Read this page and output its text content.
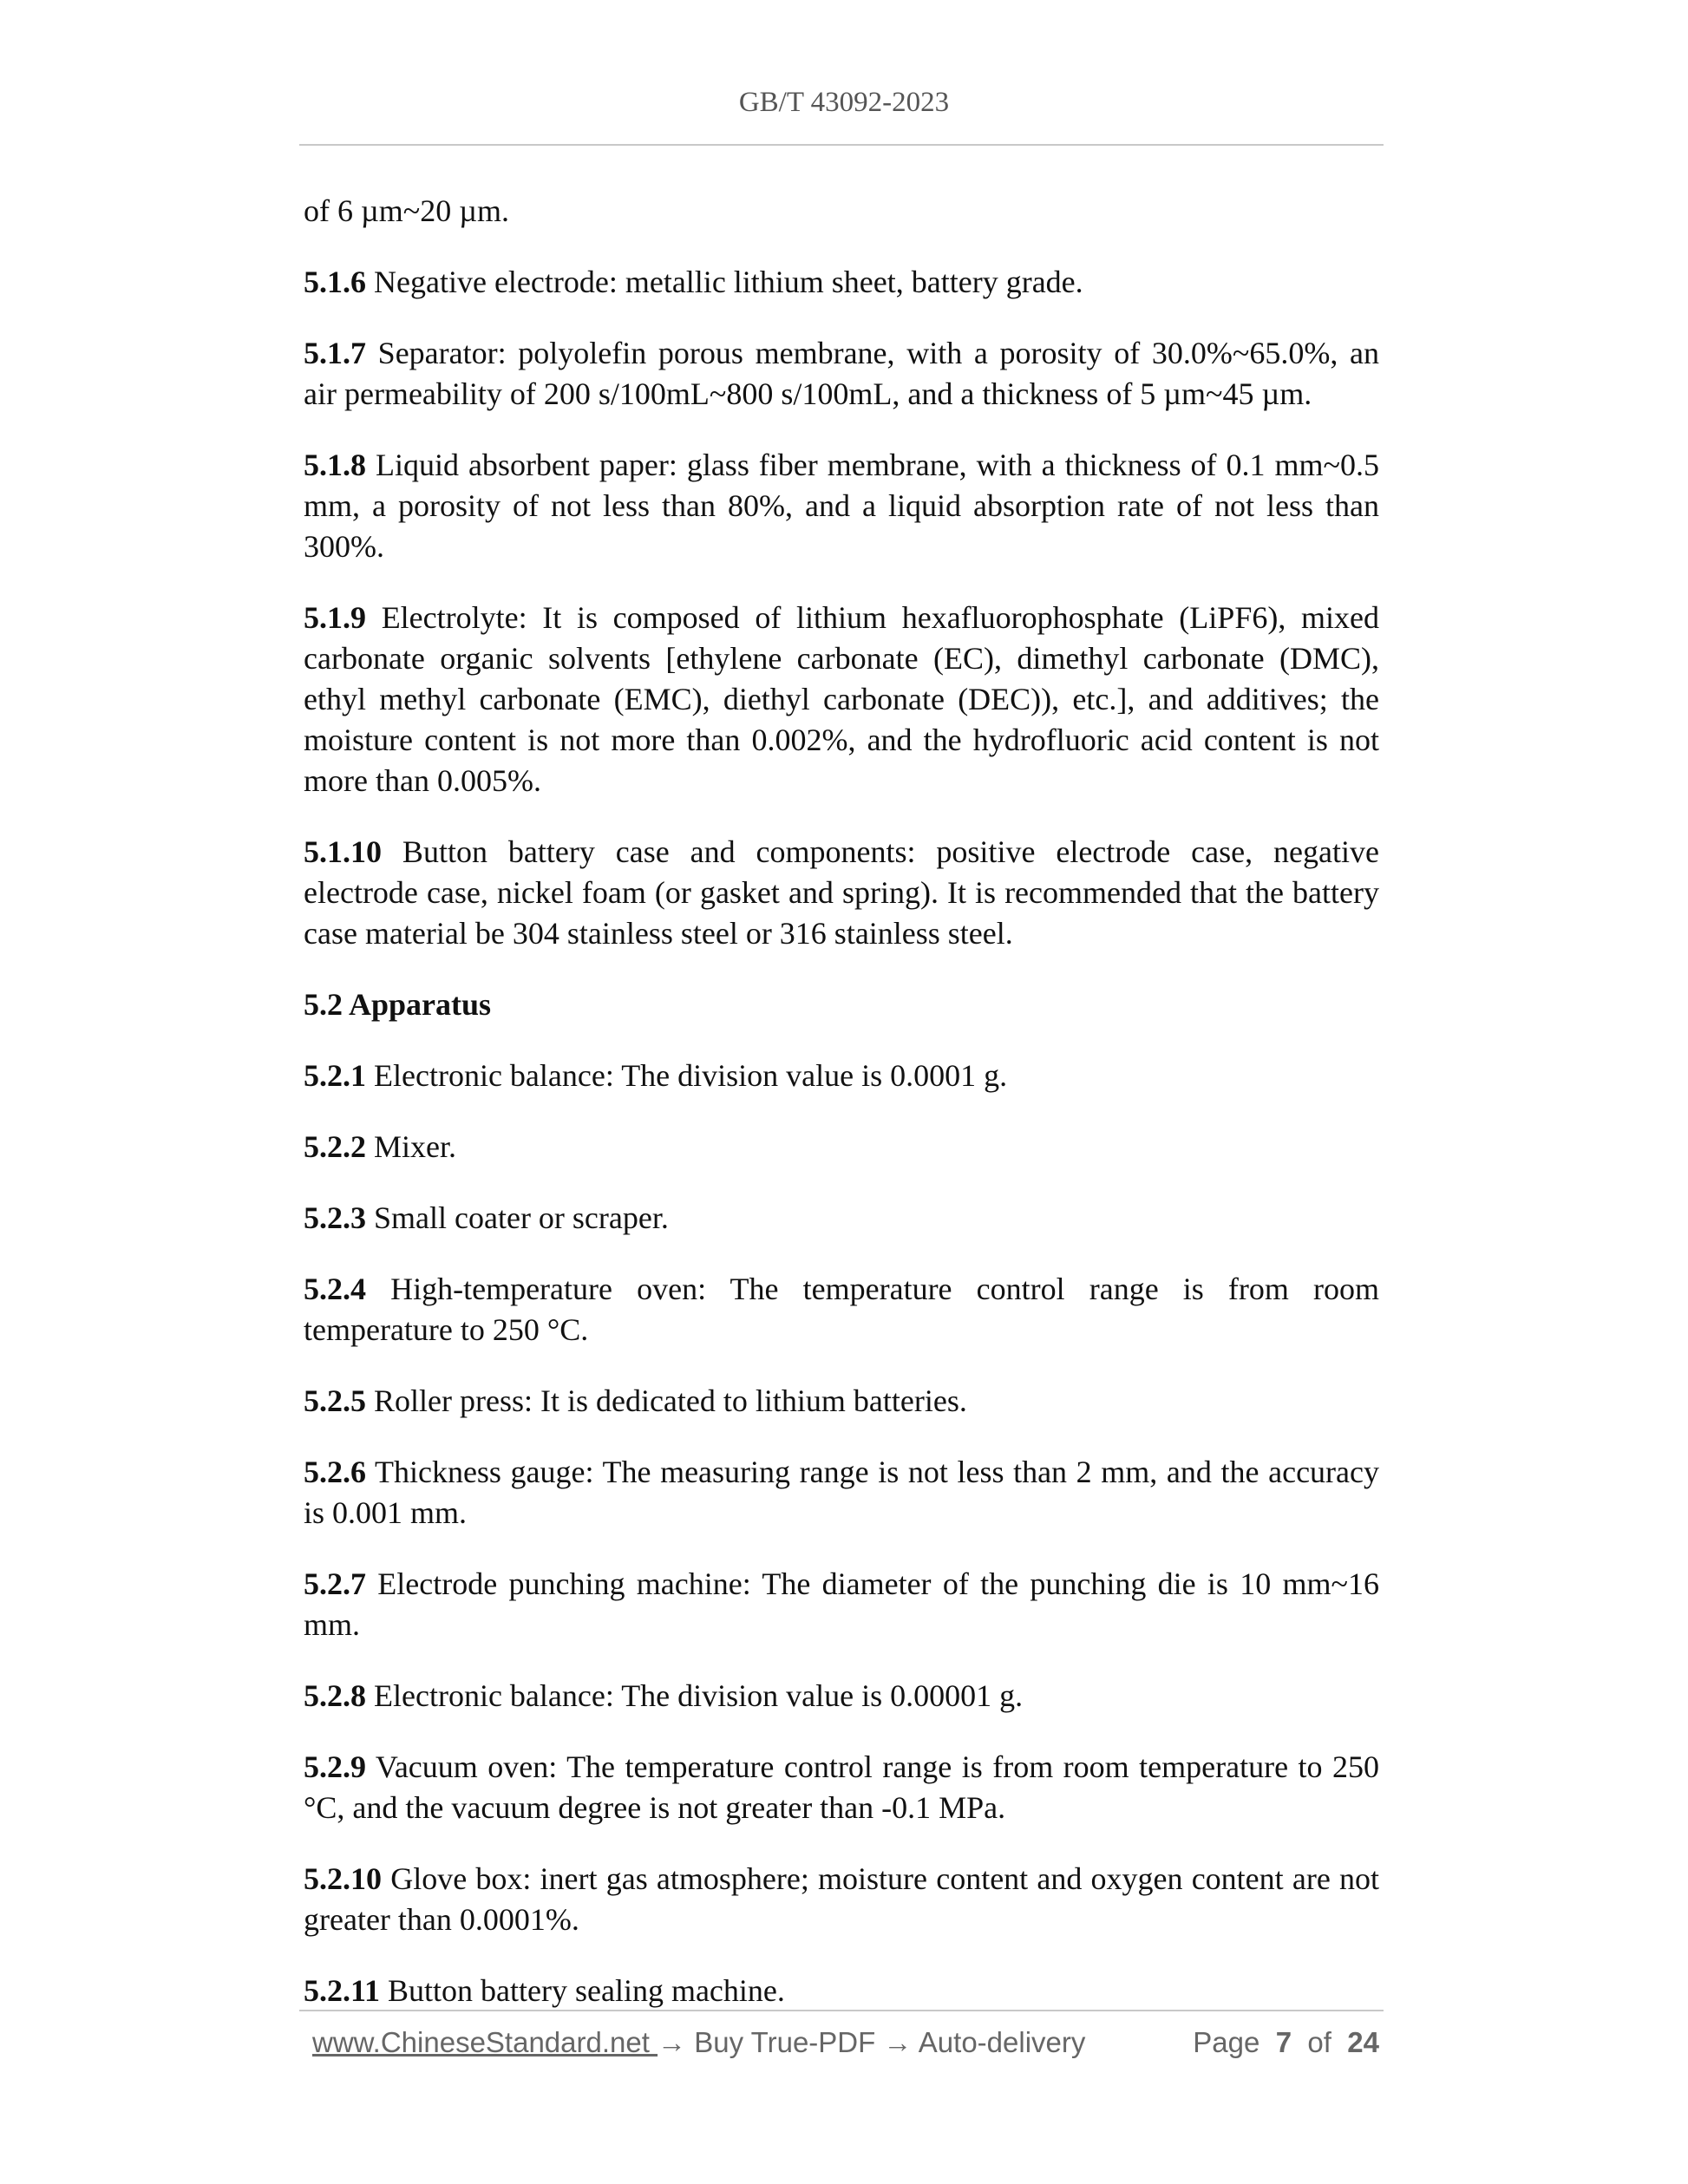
GB/T 43092-2023

of 6 µm~20 µm.

5.1.6 Negative electrode: metallic lithium sheet, battery grade.

5.1.7 Separator: polyolefin porous membrane, with a porosity of 30.0%~65.0%, an air permeability of 200 s/100mL~800 s/100mL, and a thickness of 5 µm~45 µm.

5.1.8 Liquid absorbent paper: glass fiber membrane, with a thickness of 0.1 mm~0.5 mm, a porosity of not less than 80%, and a liquid absorption rate of not less than 300%.

5.1.9 Electrolyte: It is composed of lithium hexafluorophosphate (LiPF6), mixed carbonate organic solvents [ethylene carbonate (EC), dimethyl carbonate (DMC), ethyl methyl carbonate (EMC), diethyl carbonate (DEC)), etc.], and additives; the moisture content is not more than 0.002%, and the hydrofluoric acid content is not more than 0.005%.

5.1.10 Button battery case and components: positive electrode case, negative electrode case, nickel foam (or gasket and spring). It is recommended that the battery case material be 304 stainless steel or 316 stainless steel.

5.2 Apparatus

5.2.1 Electronic balance: The division value is 0.0001 g.

5.2.2 Mixer.

5.2.3 Small coater or scraper.

5.2.4 High-temperature oven: The temperature control range is from room temperature to 250 °C.

5.2.5 Roller press: It is dedicated to lithium batteries.

5.2.6 Thickness gauge: The measuring range is not less than 2 mm, and the accuracy is 0.001 mm.

5.2.7 Electrode punching machine: The diameter of the punching die is 10 mm~16 mm.

5.2.8 Electronic balance: The division value is 0.00001 g.

5.2.9 Vacuum oven: The temperature control range is from room temperature to 250 °C, and the vacuum degree is not greater than -0.1 MPa.

5.2.10 Glove box: inert gas atmosphere; moisture content and oxygen content are not greater than 0.0001%.

5.2.11 Button battery sealing machine.

www.ChineseStandard.net → Buy True-PDF → Auto-delivery	Page 7 of 24
